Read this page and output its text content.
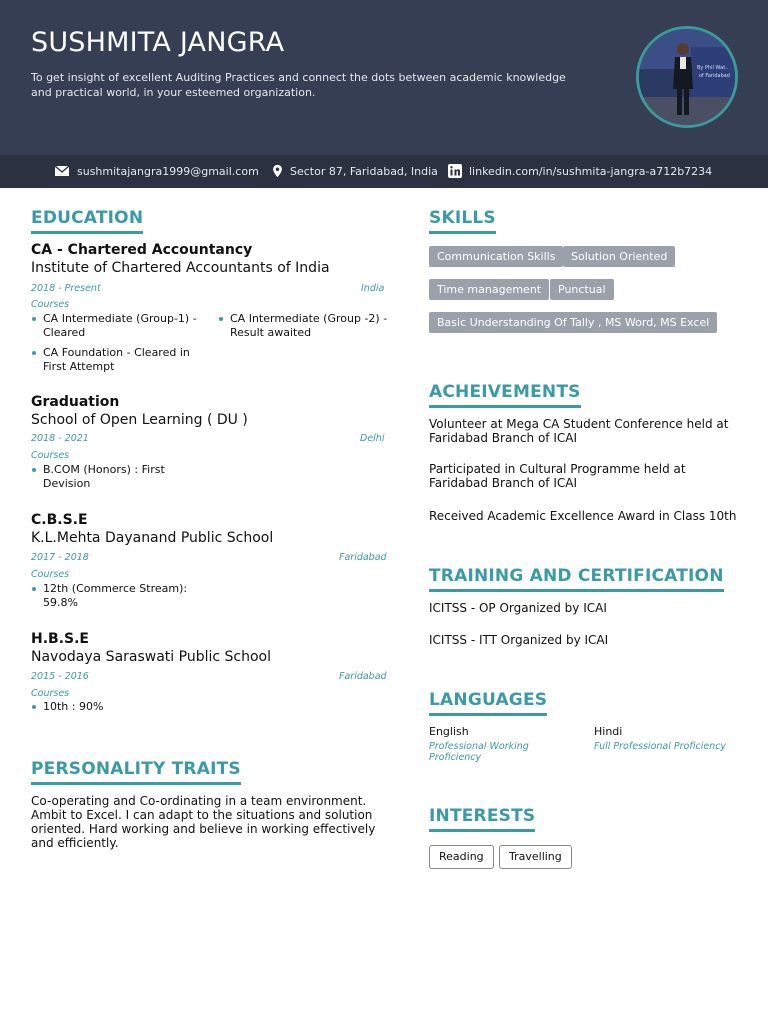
SUSHMITA JANGRA
To get insight of excellent Auditing Practices and connect the dots between academic knowledge and practical world, in your esteemed organization.
By Phil Wat..
of Faridabad
sushmitajangra1999@gmail.com	Sector 87, Faridabad, India	linkedin.com/in/sushmita-jangra-a712b7234
EDUCATION
CA - Chartered Accountancy
Institute of Chartered Accountants of India
2018 - Present	India
Courses
CA Intermediate (Group-1) - Cleared
CA Intermediate (Group -2) - Result awaited
CA Foundation - Cleared in First Attempt
Graduation
School of Open Learning ( DU )
2018 - 2021	Delhi
Courses
B.COM (Honors) : First Devision
C.B.S.E
K.L.Mehta Dayanand Public School
2017 - 2018	Faridabad
Courses
12th (Commerce Stream): 59.8%
H.B.S.E
Navodaya Saraswati Public School
2015 - 2016	Faridabad
Courses
10th : 90%
PERSONALITY TRAITS
Co-operating and Co-ordinating in a team environment. Ambit to Excel. I can adapt to the situations and solution oriented. Hard working and believe in working effectively and efficiently.
SKILLS
Communication Skills	Solution Oriented
Time management	Punctual
Basic Understanding Of Tally , MS Word, MS Excel
ACHEIVEMENTS
Volunteer at Mega CA Student Conference held at Faridabad Branch of ICAI
Participated in Cultural Programme held at Faridabad Branch of ICAI
Received Academic Excellence Award in Class 10th
TRAINING AND CERTIFICATION
ICITSS - OP Organized by ICAI
ICITSS - ITT Organized by ICAI
LANGUAGES
English
Professional Working Proficiency
Hindi
Full Professional Proficiency
INTERESTS
Reading	Travelling
